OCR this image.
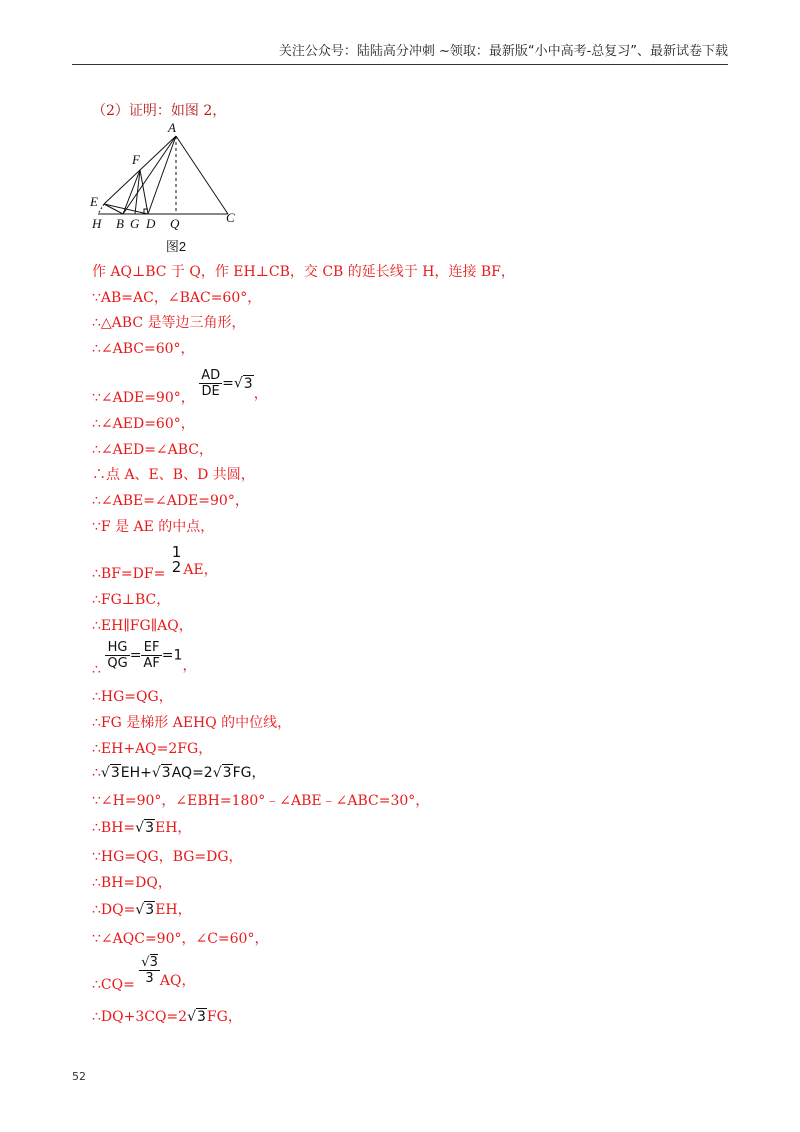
关注公众号：陆陆高分冲刺 ~领取：最新版“小中高考-总复习”、最新试卷下载
（2）证明：如图 2，
A
F
E
H B G D Q	C
图2
作 AQ⊥BC 于 Q，作 EH⊥CB，交 CB 的延长线于 H，连接 BF，
∵AB=AC，∠BAC=60°，
∴△ABC 是等边三角形，
∴∠ABC=60°，
∵∠ADE=90°， $\frac{AD}{DE} =√3$，
∴∠AED=60°，
∴∠AED=∠ABC，
∴点 A、E、B、D 共圆，
∴∠ABE=∠ADE=90°，
∵F 是 AE 的中点，
∴BF=DF=
1
2 AE，
∴FG⊥BC，
∴EH∥FG∥AQ，
∴ $\frac{HG}{QG} = \frac{EF}{AF} =1$，
∴HG=QG，
∴FG 是梯形 AEHQ 的中位线，
∴EH+AQ=2FG，
∴√3EH+√3AQ=2√3FG，
∵∠H=90°，∠EBH=180°﹣∠ABE﹣∠ABC=30°，
∴BH=√3EH，
∵HG=QG，BG=DG，
∴BH=DQ，
∴DQ=√3EH，
∵∠AQC=90°，∠C=60°，
∴CQ= $\frac{√3}{3}$ AQ，
∴DQ+3CQ=2√3FG，
52
